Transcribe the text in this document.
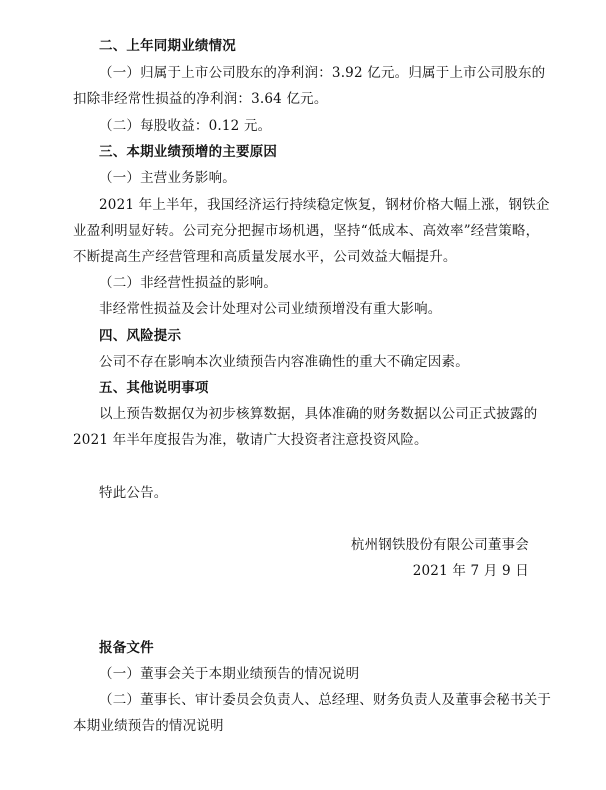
二、上年同期业绩情况
（一）归属于上市公司股东的净利润：3.92 亿元。归属于上市公司股东的
扣除非经常性损益的净利润：3.64 亿元。
（二）每股收益：0.12 元。
三、本期业绩预增的主要原因
（一）主营业务影响。
2021 年上半年，我国经济运行持续稳定恢复，钢材价格大幅上涨，钢铁企
业盈利明显好转。公司充分把握市场机遇，坚持“低成本、高效率”经营策略，
不断提高生产经营管理和高质量发展水平，公司效益大幅提升。
（二）非经营性损益的影响。
非经常性损益及会计处理对公司业绩预增没有重大影响。
四、风险提示
公司不存在影响本次业绩预告内容准确性的重大不确定因素。
五、其他说明事项
以上预告数据仅为初步核算数据，具体准确的财务数据以公司正式披露的
2021 年半年度报告为准，敬请广大投资者注意投资风险。
特此公告。
杭州钢铁股份有限公司董事会
2021 年 7 月 9 日
报备文件
（一）董事会关于本期业绩预告的情况说明
（二）董事长、审计委员会负责人、总经理、财务负责人及董事会秘书关于
本期业绩预告的情况说明
